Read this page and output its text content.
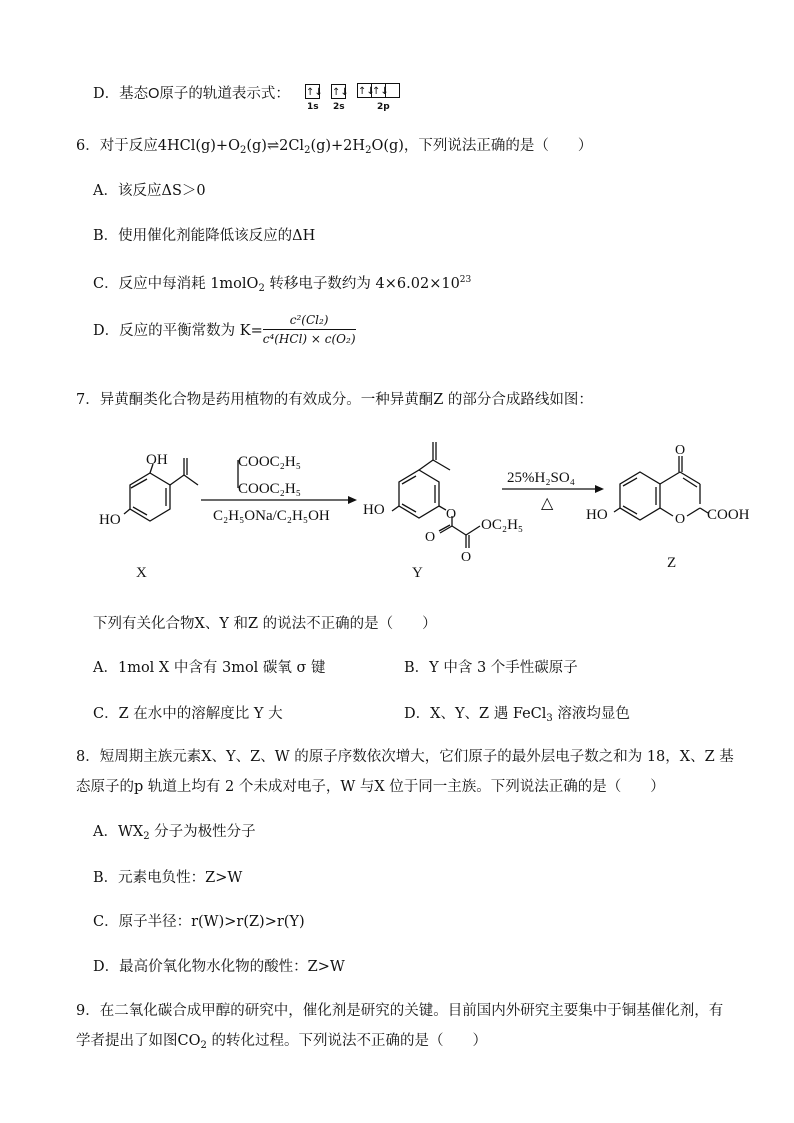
D．基态O原子的轨道表示式： ↑↓
1s
↑↓
2s
↑↓↑↓
2p
6．对于反应$4HCl(g)+O_2(g)\rightleftharpoons 2Cl_2(g)+2H_2O(g)$，下列说法正确的是（　　）
A．该反应ΔS＞0
B．使用催化剂能降低该反应的ΔH
C．反应中每消耗 1molO$_2$ 转移电子数约为 $4\times 6.02\times 10^{23}$
D．反应的平衡常数为 $K= \frac{\text{c²(Cl₂)}}{\text{c⁴(HCl) × c(O₂)}}$
7．异黄酮类化合物是药用植物的有效成分。一种异黄酮Z 的部分合成路线如图：
OH
HO
X
COOC₂H₅
COOC₂H₅
C₂H₅ONa/C₂H₅OH HO	O
O
O
OC₂H₅
Y
25%H₂SO₄
△
O
HO	O COOH
Z
下列有关化合物X、Y 和Z 的说法不正确的是（　　）
A．1mol X 中含有 3mol 碳氧 σ 键	B．Y 中含 3 个手性碳原子
C．Z 在水中的溶解度比 Y 大	D．X、Y、Z 遇 FeCl$_3$ 溶液均显色
8．短周期主族元素X、Y、Z、W 的原子序数依次增大，它们原子的最外层电子数之和为 18，X、Z 基
态原子的p 轨道上均有 2 个未成对电子，W 与X 位于同一主族。下列说法正确的是（　　）
A．$WX_2$ 分子为极性分子
B．元素电负性：Z>W
C．原子半径：r(W)>r(Z)>r(Y)
D．最高价氧化物水化物的酸性：Z>W
9．在二氧化碳合成甲醇的研究中，催化剂是研究的关键。目前国内外研究主要集中于铜基催化剂，有
学者提出了如图$CO_2$ 的转化过程。下列说法不正确的是（　　）
